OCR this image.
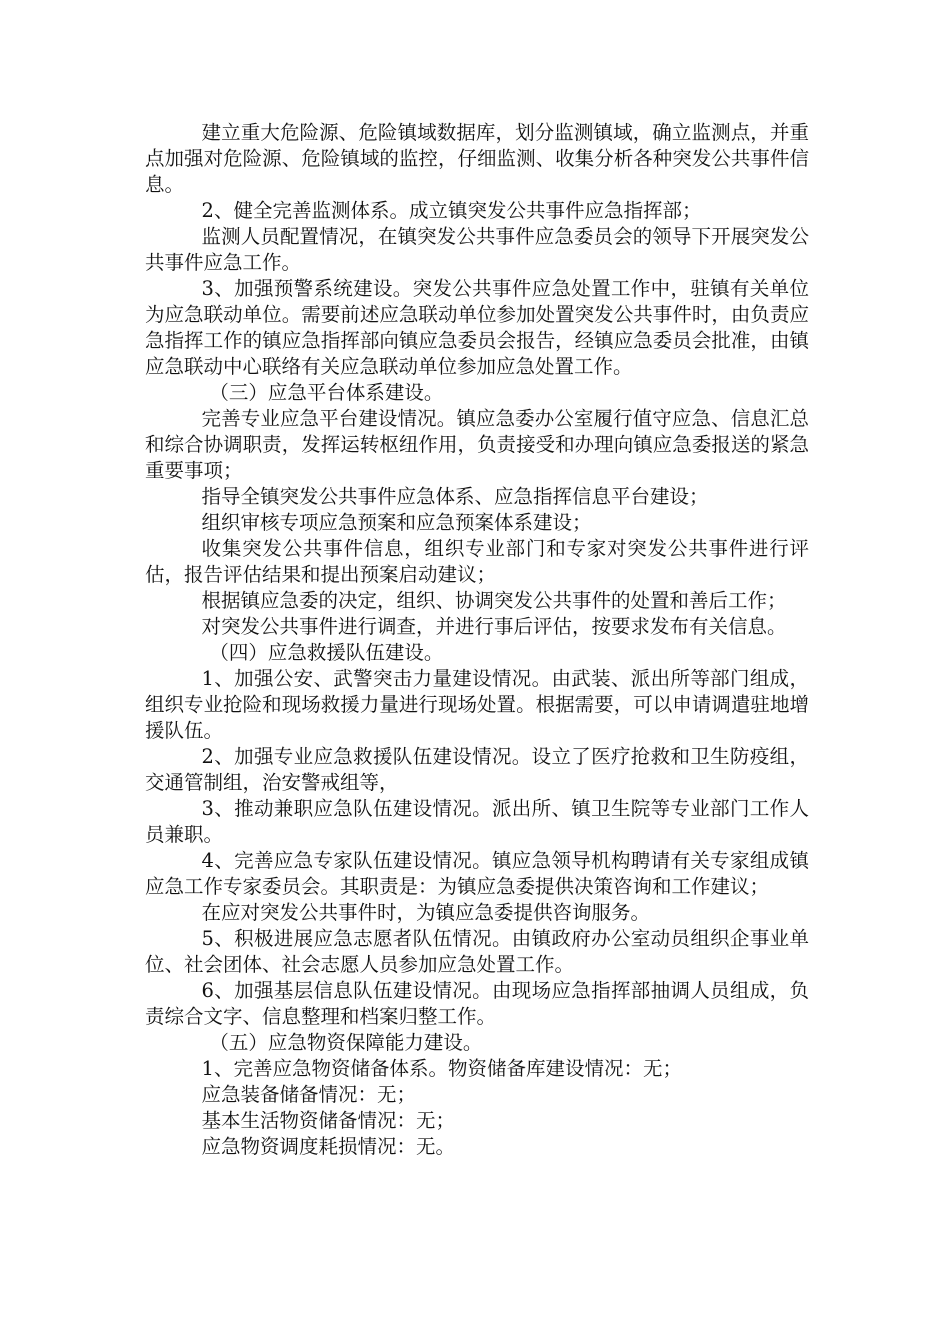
建立重大危险源、危险镇域数据库，划分监测镇域，确立监测点，并重点加强对危险源、危险镇域的监控，仔细监测、收集分析各种突发公共事件信息。

2、健全完善监测体系。成立镇突发公共事件应急指挥部；

监测人员配置情况，在镇突发公共事件应急委员会的领导下开展突发公共事件应急工作。

3、加强预警系统建设。突发公共事件应急处置工作中，驻镇有关单位为应急联动单位。需要前述应急联动单位参加处置突发公共事件时，由负责应急指挥工作的镇应急指挥部向镇应急委员会报告，经镇应急委员会批准，由镇应急联动中心联络有关应急联动单位参加应急处置工作。

（三）应急平台体系建设。

完善专业应急平台建设情况。镇应急委办公室履行值守应急、信息汇总和综合协调职责，发挥运转枢纽作用，负责接受和办理向镇应急委报送的紧急重要事项；

指导全镇突发公共事件应急体系、应急指挥信息平台建设；

组织审核专项应急预案和应急预案体系建设；

收集突发公共事件信息，组织专业部门和专家对突发公共事件进行评估，报告评估结果和提出预案启动建议；

根据镇应急委的决定，组织、协调突发公共事件的处置和善后工作；

对突发公共事件进行调查，并进行事后评估，按要求发布有关信息。

（四）应急救援队伍建设。

1、加强公安、武警突击力量建设情况。由武装、派出所等部门组成，组织专业抢险和现场救援力量进行现场处置。根据需要，可以申请调遣驻地增援队伍。

2、加强专业应急救援队伍建设情况。设立了医疗抢救和卫生防疫组，交通管制组，治安警戒组等，

3、推动兼职应急队伍建设情况。派出所、镇卫生院等专业部门工作人员兼职。

4、完善应急专家队伍建设情况。镇应急领导机构聘请有关专家组成镇应急工作专家委员会。其职责是：为镇应急委提供决策咨询和工作建议；

在应对突发公共事件时，为镇应急委提供咨询服务。

5、积极进展应急志愿者队伍情况。由镇政府办公室动员组织企事业单位、社会团体、社会志愿人员参加应急处置工作。

6、加强基层信息队伍建设情况。由现场应急指挥部抽调人员组成，负责综合文字、信息整理和档案归整工作。

（五）应急物资保障能力建设。

1、完善应急物资储备体系。物资储备库建设情况：无；

应急装备储备情况：无；

基本生活物资储备情况：无；

应急物资调度耗损情况：无。
